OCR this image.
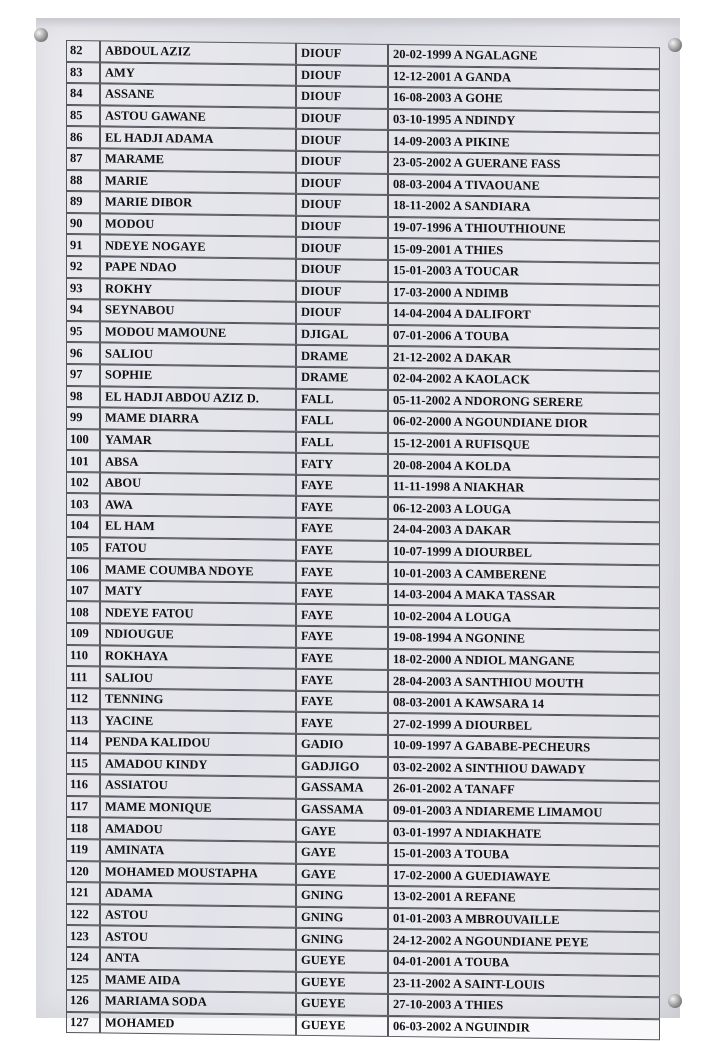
82	ABDOUL AZIZ	DIOUF	20-02-1999 A NGALAGNE
83	AMY	DIOUF	12-12-2001 A GANDA
84	ASSANE	DIOUF	16-08-2003 A GOHE
85	ASTOU GAWANE	DIOUF	03-10-1995 A NDINDY
86	EL HADJI ADAMA	DIOUF	14-09-2003 A PIKINE
87	MARAME	DIOUF	23-05-2002 A GUERANE FASS
88	MARIE	DIOUF	08-03-2004 A TIVAOUANE
89	MARIE DIBOR	DIOUF	18-11-2002 A SANDIARA
90	MODOU	DIOUF	19-07-1996 A THIOUTHIOUNE
91	NDEYE NOGAYE	DIOUF	15-09-2001 A THIES
92	PAPE NDAO	DIOUF	15-01-2003 A TOUCAR
93	ROKHY	DIOUF	17-03-2000 A NDIMB
94	SEYNABOU	DIOUF	14-04-2004 A DALIFORT
95	MODOU MAMOUNE	DJIGAL	07-01-2006 A TOUBA
96	SALIOU	DRAME	21-12-2002 A DAKAR
97	SOPHIE	DRAME	02-04-2002 A KAOLACK
98	EL HADJI ABDOU AZIZ D.	FALL	05-11-2002 A NDORONG SERERE
99	MAME DIARRA	FALL	06-02-2000 A NGOUNDIANE DIOR
100	YAMAR	FALL	15-12-2001 A RUFISQUE
101	ABSA	FATY	20-08-2004 A KOLDA
102	ABOU	FAYE	11-11-1998 A NIAKHAR
103	AWA	FAYE	06-12-2003 A LOUGA
104	EL HAM	FAYE	24-04-2003 A DAKAR
105	FATOU	FAYE	10-07-1999 A DIOURBEL
106	MAME COUMBA NDOYE	FAYE	10-01-2003 A CAMBERENE
107	MATY	FAYE	14-03-2004 A MAKA TASSAR
108	NDEYE FATOU	FAYE	10-02-2004 A LOUGA
109	NDIOUGUE	FAYE	19-08-1994 A NGONINE
110	ROKHAYA	FAYE	18-02-2000 A NDIOL MANGANE
111	SALIOU	FAYE	28-04-2003 A SANTHIOU MOUTH
112	TENNING	FAYE	08-03-2001 A KAWSARA 14
113	YACINE	FAYE	27-02-1999 A DIOURBEL
114	PENDA KALIDOU	GADIO	10-09-1997 A GABABE-PECHEURS
115	AMADOU KINDY	GADJIGO	03-02-2002 A SINTHIOU DAWADY
116	ASSIATOU	GASSAMA	26-01-2002 A TANAFF
117	MAME MONIQUE	GASSAMA	09-01-2003 A NDIAREME LIMAMOU
118	AMADOU	GAYE	03-01-1997 A NDIAKHATE
119	AMINATA	GAYE	15-01-2003 A TOUBA
120	MOHAMED MOUSTAPHA	GAYE	17-02-2000 A GUEDIAWAYE
121	ADAMA	GNING	13-02-2001 A REFANE
122	ASTOU	GNING	01-01-2003 A MBROUVAILLE
123	ASTOU	GNING	24-12-2002 A NGOUNDIANE PEYE
124	ANTA	GUEYE	04-01-2001 A TOUBA
125	MAME AIDA	GUEYE	23-11-2002 A SAINT-LOUIS
126	MARIAMA SODA	GUEYE	27-10-2003 A THIES
127	MOHAMED	GUEYE	06-03-2002 A NGUINDIR
